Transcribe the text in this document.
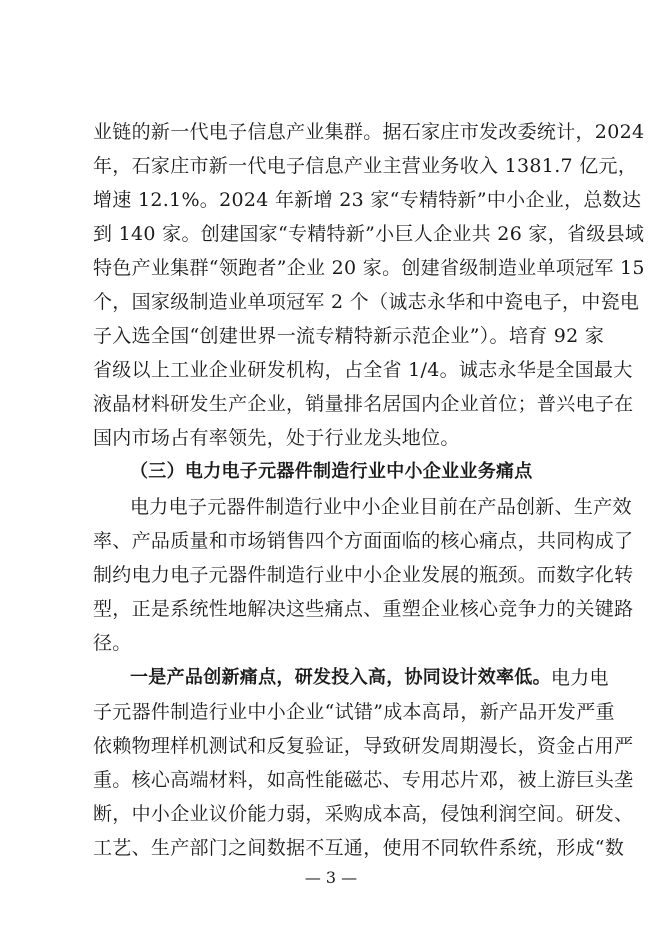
业链的新一代电子信息产业集群。据石家庄市发改委统计，2024
年，石家庄市新一代电子信息产业主营业务收入 1381.7 亿元，
增速 12.1%。2024 年新增 23 家“专精特新”中小企业，总数达
到 140 家。创建国家“专精特新”小巨人企业共 26 家，省级县域
特色产业集群“领跑者”企业 20 家。创建省级制造业单项冠军 15
个，国家级制造业单项冠军 2 个（诚志永华和中瓷电子，中瓷电
子入选全国“创建世界一流专精特新示范企业”）。培育 92 家
省级以上工业企业研发机构，占全省 1/4。诚志永华是全国最大
液晶材料研发生产企业，销量排名居国内企业首位；普兴电子在
国内市场占有率领先，处于行业龙头地位。
（三）电力电子元器件制造行业中小企业业务痛点
电力电子元器件制造行业中小企业目前在产品创新、生产效
率、产品质量和市场销售四个方面面临的核心痛点，共同构成了
制约电力电子元器件制造行业中小企业发展的瓶颈。而数字化转
型，正是系统性地解决这些痛点、重塑企业核心竞争力的关键路
径。
一是产品创新痛点，研发投入高，协同设计效率低。 电力电
子元器件制造行业中小企业“试错”成本高昂，新产品开发严重
依赖物理样机测试和反复验证，导致研发周期漫长，资金占用严
重。核心高端材料，如高性能磁芯、专用芯片邓，被上游巨头垄
断，中小企业议价能力弱，采购成本高，侵蚀利润空间。研发、
工艺、生产部门之间数据不互通，使用不同软件系统，形成“数
— 3 —
